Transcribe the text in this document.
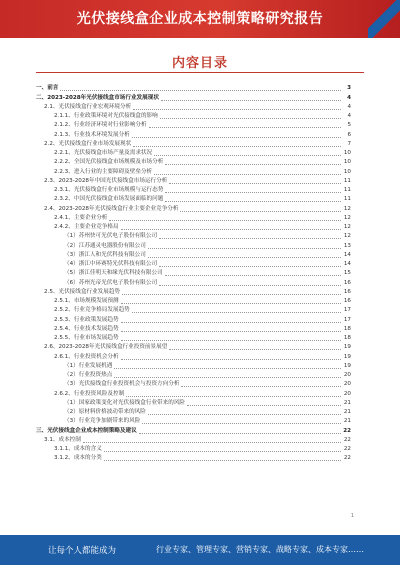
光伏接线盒企业成本控制策略研究报告
内容目录
一、前言	3
二、2023-2028年光伏接线盒市场行业发展现状	4
2.1、光伏接线盒行业宏观环境分析	4
2.1.1、行业政策环境对光伏接线盒的影响	4
2.1.2、行业经济环境对行业影响分析	5
2.1.3、行业技术环境发展分析	6
2.2、光伏接线盒行业市场发展现状	7
2.2.1、光伏接线盒市场产量及需求状况	10
2.2.2、全国光伏接线盒市场规模及市场分析	10
2.2.3、进入行业的主要障碍及壁垒分析	10
2.3、2023-2028年中国光伏接线盒市场运行分析	11
2.3.1、光伏接线盒行业市场规模与运行态势	11
2.3.2、中国光伏接线盒市场发展面临的问题	11
2.4、2023-2028年光伏接线盒行业主要企业竞争分析	12
2.4.1、主要企业分析	12
2.4.2、主要企业竞争格局	12
（1）苏州快可光伏电子股份有限公司	12
（2）江苏通灵电器股份有限公司	13
（3）浙江人和光伏科技有限公司	14
（4）浙江中环赛特光伏科技有限公司	14
（5）浙江佳明天和缘光伏科技有限公司	15
（6）苏州光帝光伏电子股份有限公司	16
2.5、光伏接线盒行业发展趋势	16
2.5.1、市场规模发展预测	16
2.5.2、行业竞争格局发展趋势	17
2.5.3、行业政策发展趋势	17
2.5.4、行业技术发展趋势	18
2.5.5、行业市场发展趋势	18
2.6、2023-2028年光伏接线盒行业投资前景展望	19
2.6.1、行业投资机会分析	19
（1）行业发展机遇	19
（2）行业投资热点	20
（3）光伏接线盒行业投资机会与投资方向分析	20
2.6.2、行业投资风险及控制	20
（1）国家政策变化对光伏接线盒行业带来的风险	21
（2）原材料价格波动带来的风险	21
（3）行业竞争加剧带来的风险	21
三、光伏接线盒企业成本控制策略及建议	22
3.1、成本控制	22
3.1.1、成本的含义	22
3.1.2、成本的分类	22
1
让每个人都能成为	行业专家、管理专家、营销专家、战略专家、成本专家……
